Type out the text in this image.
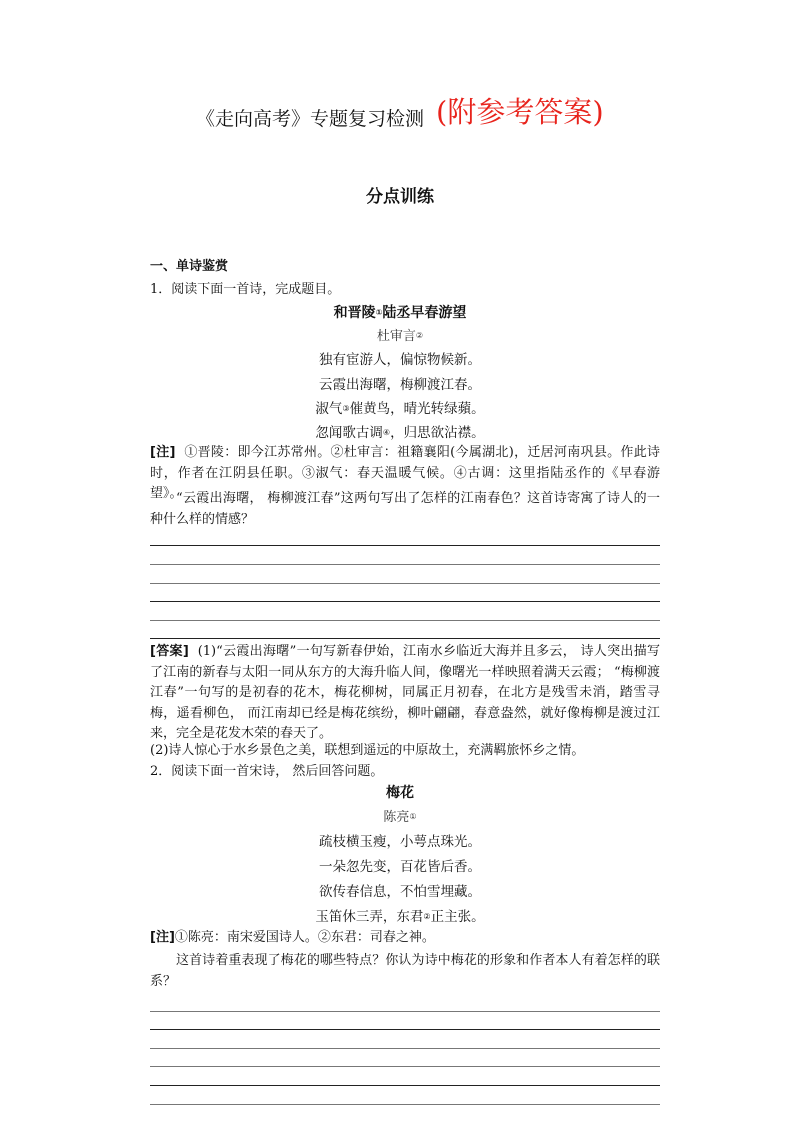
《走向高考》专题复习检测 (附参考答案)
分点训练
一、单诗鉴赏
1．阅读下面一首诗，完成题目。
和晋陵①陆丞早春游望
杜审言②
独有宦游人，偏惊物候新。
云霞出海曙，梅柳渡江春。
淑气③催黄鸟，晴光转绿蘋。
忽闻歌古调④，归思欲沾襟。
[注] ①晋陵：即今江苏常州。②杜审言：祖籍襄阳(今属湖北)，迁居河南巩县。作此诗时，作者在江阴县任职。③淑气：春天温暖气候。④古调：这里指陆丞作的《早春游望》。
“云霞出海曙， 梅柳渡江春”这两句写出了怎样的江南春色？这首诗寄寓了诗人的一种什么样的情感？
[答案] (1)“云霞出海曙”一句写新春伊始，江南水乡临近大海并且多云， 诗人突出描写了江南的新春与太阳一同从东方的大海升临人间，像曙光一样映照着满天云霞； “梅柳渡江春”一句写的是初春的花木，梅花柳树，同属正月初春，在北方是残雪未消，踏雪寻梅，遥看柳色， 而江南却已经是梅花缤纷，柳叶翩翩，春意盎然，就好像梅柳是渡过江来，完全是花发木荣的春天了。
(2)诗人惊心于水乡景色之美，联想到遥远的中原故土，充满羁旅怀乡之情。
2．阅读下面一首宋诗， 然后回答问题。
梅花
陈亮①
疏枝横玉瘦，小萼点珠光。
一朵忽先变，百花皆后香。
欲传春信息，不怕雪埋藏。
玉笛休三弄，东君②正主张。
[注]①陈亮：南宋爱国诗人。②东君：司春之神。
这首诗着重表现了梅花的哪些特点？你认为诗中梅花的形象和作者本人有着怎样的联系？
